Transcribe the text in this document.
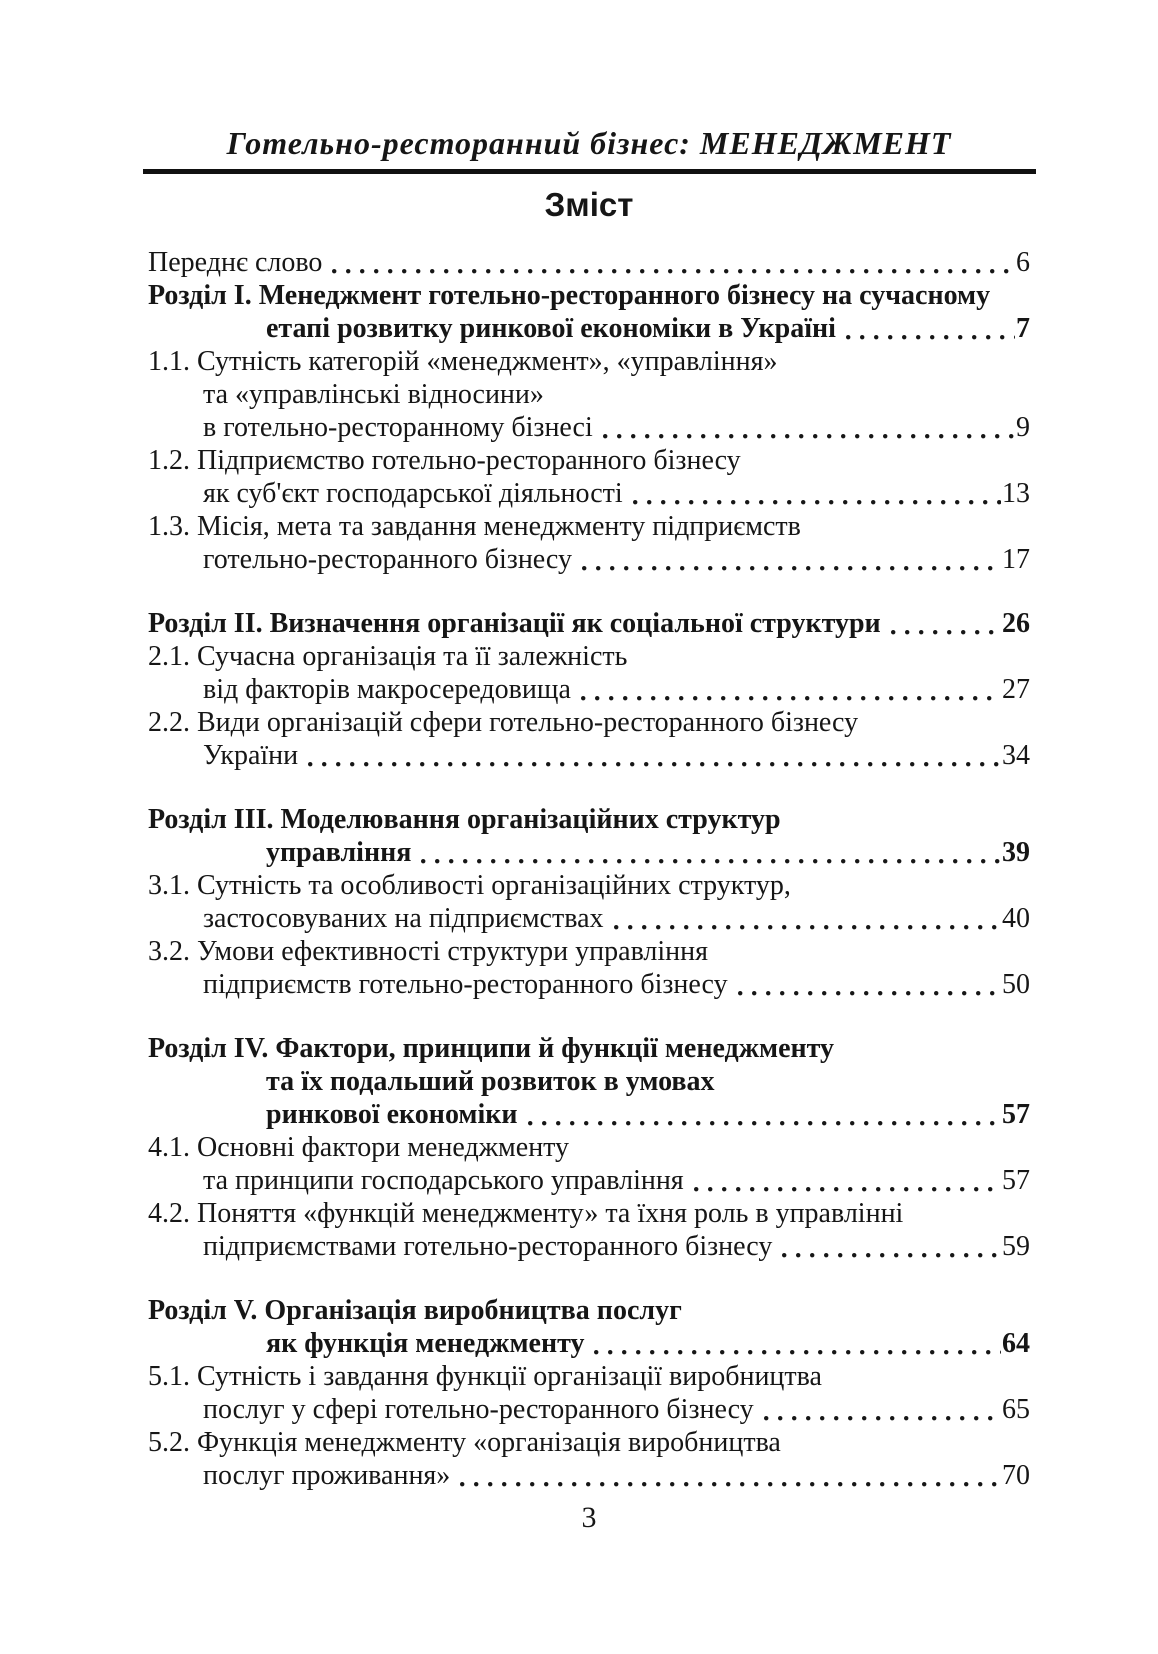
Готельно-ресторанний бізнес: МЕНЕДЖМЕНТ
Зміст
Переднє слово	6
Розділ I. Менеджмент готельно-ресторанного бізнесу на сучасному
етапі розвитку ринкової економіки в Україні	7
1.1. Сутність категорій «менеджмент», «управління»
та «управлінські відносини»
в готельно-ресторанному бізнесі	9
1.2. Підприємство готельно-ресторанного бізнесу
як суб'єкт господарської діяльності	13
1.3. Місія, мета та завдання менеджменту підприємств
готельно-ресторанного бізнесу	17
Розділ II. Визначення організації як соціальної структури	26
2.1. Сучасна організація та її залежність
від факторів макросередовища	27
2.2. Види організацій сфери готельно-ресторанного бізнесу
України	34
Розділ III. Моделювання організаційних структур
управління	39
3.1. Сутність та особливості організаційних структур,
застосовуваних на підприємствах	40
3.2. Умови ефективності структури управління
підприємств готельно-ресторанного бізнесу	50
Розділ IV. Фактори, принципи й функції менеджменту
та їх подальший розвиток в умовах
ринкової економіки	57
4.1. Основні фактори менеджменту
та принципи господарського управління	57
4.2. Поняття «функцій менеджменту» та їхня роль в управлінні
підприємствами готельно-ресторанного бізнесу	59
Розділ V. Організація виробництва послуг
як функція менеджменту	64
5.1. Сутність і завдання функції організації виробництва
послуг у сфері готельно-ресторанного бізнесу	65
5.2. Функція менеджменту «організація виробництва
послуг проживання»	70
3
